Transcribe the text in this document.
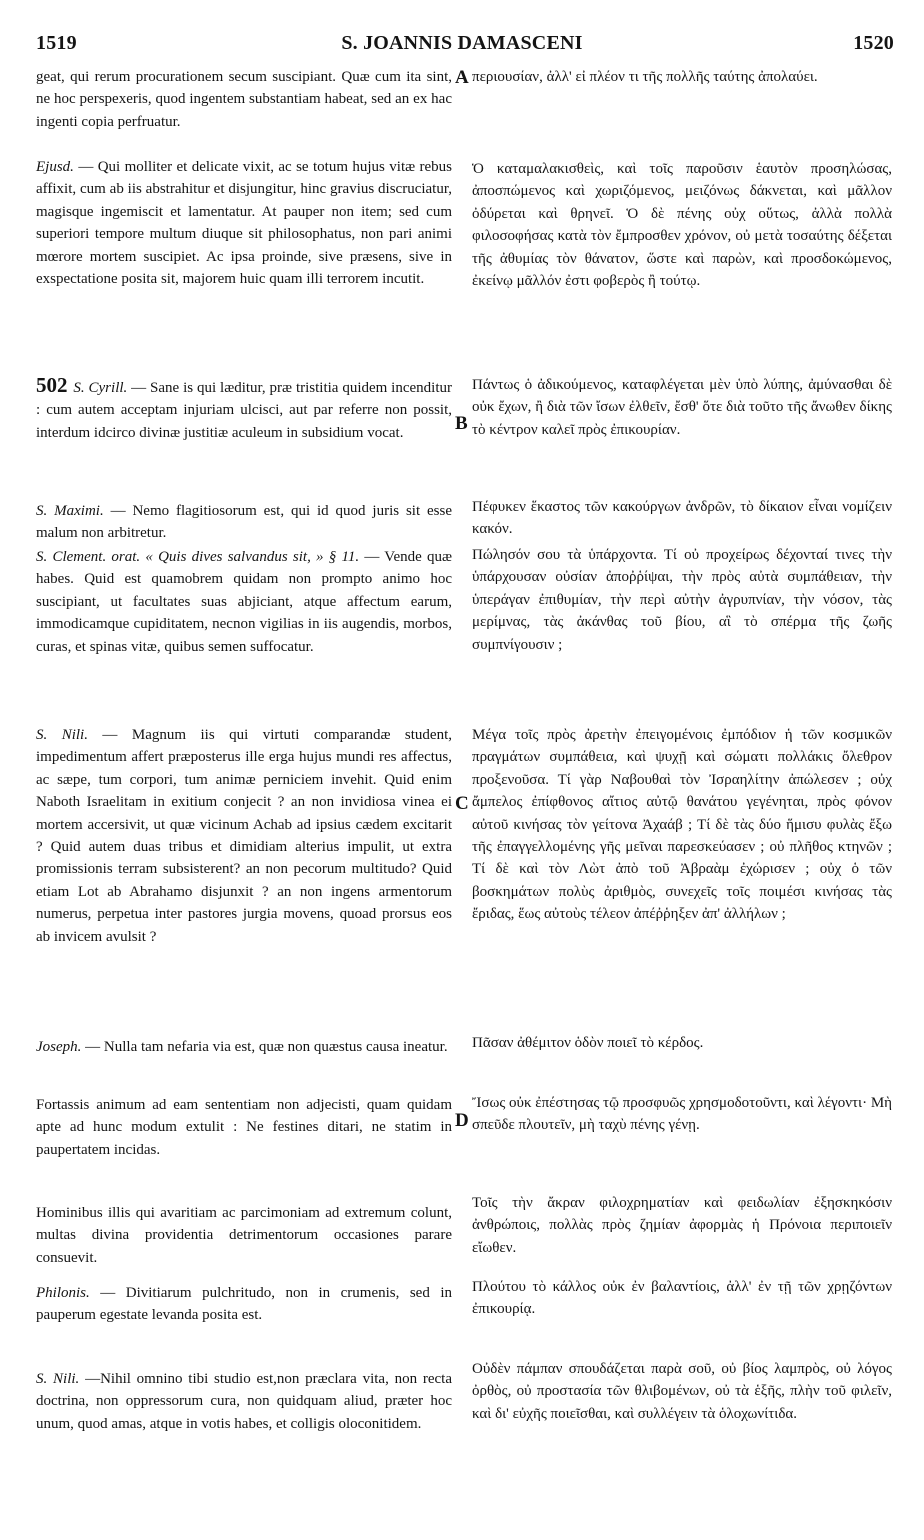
1519	S. JOANNIS DAMASCENI	1520
A
B
C
D

geat, qui rerum procurationem secum suscipiant. Quæ cum ita sint, ne hoc perspexeris, quod ingentem substantiam habeat, sed an ex hac ingenti copia perfruatur.

Ejusd. — Qui molliter et delicate vixit, ac se totum hujus vitæ rebus affixit, cum ab iis abstrahitur et disjungitur, hinc gravius discruciatur, magisque ingemiscit et lamentatur. At pauper non item; sed cum superiori tempore multum diuque sit philosophatus, non pari animi mœrore mortem suscipiet. Ac ipsa proinde, sive præsens, sive in exspectatione posita sit, majorem huic quam illi terrorem incutit.

502 S. Cyrill. — Sane is qui læditur, præ tristitia quidem incenditur : cum autem acceptam injuriam ulcisci, aut par referre non possit, interdum idcirco divinæ justitiæ aculeum in subsidium vocat.

S. Maximi. — Nemo flagitiosorum est, qui id quod juris sit esse malum non arbitretur.

S. Clement. orat. « Quis dives salvandus sit, » § 11. — Vende quæ habes. Quid est quamobrem quidam non prompto animo hoc suscipiant, ut facultates suas abjiciant, atque affectum earum, immodicamque cupiditatem, necnon vigilias in iis augendis, morbos, curas, et spinas vitæ, quibus semen suffocatur.

S. Nili. — Magnum iis qui virtuti comparandæ student, impedimentum affert præposterus ille erga hujus mundi res affectus, ac sæpe, tum corpori, tum animæ perniciem invehit. Quid enim Naboth Israelitam in exitium conjecit ? an non invidiosa vinea ei mortem accersivit, ut quæ vicinum Achab ad ipsius cædem excitarit ? Quid autem duas tribus et dimidiam alterius impulit, ut extra promissionis terram subsisterent? an non pecorum multitudo? Quid etiam Lot ab Abrahamo disjunxit ? an non ingens armentorum numerus, perpetua inter pastores jurgia movens, quoad prorsus eos ab invicem avulsit ?

Joseph. — Nulla tam nefaria via est, quæ non quæstus causa ineatur.

Fortassis animum ad eam sententiam non adjecisti, quam quidam apte ad hunc modum extulit : Ne festines ditari, ne statim in paupertatem incidas.

Hominibus illis qui avaritiam ac parcimoniam ad extremum colunt, multas divina providentia detrimentorum occasiones parare consuevit.

Philonis. — Divitiarum pulchritudo, non in crumenis, sed in pauperum egestate levanda posita est.

S. Nili. —Nihil omnino tibi studio est,non præclara vita, non recta doctrina, non oppressorum cura, non quidquam aliud, præter hoc unum, quod amas, atque in votis habes, et colligis oloconitidem.

περιουσίαν, ἀλλ' εἰ πλέον τι τῆς πολλῆς ταύτης ἀπολαύει.

Ὁ καταμαλακισθεὶς, καὶ τοῖς παροῦσιν ἑαυτὸν προσηλώσας, ἀποσπώμενος καὶ χωριζόμενος, μειζόνως δάκνεται, καὶ μᾶλλον ὀδύρεται καὶ θρηνεῖ. Ὁ δὲ πένης οὐχ οὕτως, ἀλλὰ πολλὰ φιλοσοφήσας κατὰ τὸν ἔμπροσθεν χρόνον, οὐ μετὰ τοσαύτης δέξεται τῆς ἀθυμίας τὸν θάνατον, ὥστε καὶ παρὼν, καὶ προσδοκώμενος, ἐκείνῳ μᾶλλόν ἐστι φοβερὸς ἢ τούτῳ.

Πάντως ὁ ἀδικούμενος, καταφλέγεται μὲν ὑπὸ λύπης, ἀμύνασθαι δὲ οὐκ ἔχων, ἢ διὰ τῶν ἴσων ἐλθεῖν, ἔσθ' ὅτε διὰ τοῦτο τῆς ἄνωθεν δίκης τὸ κέντρον καλεῖ πρὸς ἐπικουρίαν.

Πέφυκεν ἕκαστος τῶν κακούργων ἀνδρῶν, τὸ δίκαιον εἶναι νομίζειν κακόν.

Πώλησόν σου τὰ ὑπάρχοντα. Τί οὐ προχείρως δέχονταί τινες τὴν ὑπάρχουσαν οὐσίαν ἀποῤῥίψαι, τὴν πρὸς αὐτὰ συμπάθειαν, τὴν ὑπεράγαν ἐπιθυμίαν, τὴν περὶ αὐτὴν ἀγρυπνίαν, τὴν νόσον, τὰς μερίμνας, τὰς ἀκάνθας τοῦ βίου, αἳ τὸ σπέρμα τῆς ζωῆς συμπνίγουσιν ;

Μέγα τοῖς πρὸς ἀρετὴν ἐπειγομένοις ἐμπόδιον ἡ τῶν κοσμικῶν πραγμάτων συμπάθεια, καὶ ψυχῇ καὶ σώματι πολλάκις ὄλεθρον προξενοῦσα. Τί γὰρ Ναβουθαὶ τὸν Ἰσραηλίτην ἀπώλεσεν ; οὐχ ἄμπελος ἐπίφθονος αἴτιος αὐτῷ θανάτου γεγένηται, πρὸς φόνον αὐτοῦ κινήσας τὸν γείτονα Ἀχαάβ ; Τί δὲ τὰς δύο ἥμισυ φυλὰς ἔξω τῆς ἐπαγγελλομένης γῆς μεῖναι παρεσκεύασεν ; οὐ πλῆθος κτηνῶν ; Τί δὲ καὶ τὸν Λὼτ ἀπὸ τοῦ Ἀβραὰμ ἐχώρισεν ; οὐχ ὁ τῶν βοσκημάτων πολὺς ἀριθμὸς, συνεχεῖς τοῖς ποιμέσι κινήσας τὰς ἔριδας, ἕως αὐτοὺς τέλεον ἀπέῤῥηξεν ἀπ' ἀλλήλων ;

Πᾶσαν ἀθέμιτον ὁδὸν ποιεῖ τὸ κέρδος.

Ἴσως οὐκ ἐπέστησας τῷ προσφυῶς χρησμοδοτοῦντι, καὶ λέγοντι· Μὴ σπεῦδε πλουτεῖν, μὴ ταχὺ πένης γένῃ.

Τοῖς τὴν ἄκραν φιλοχρηματίαν καὶ φειδωλίαν ἐξησκηκόσιν ἀνθρώποις, πολλὰς πρὸς ζημίαν ἀφορμὰς ἡ Πρόνοια περιποιεῖν εἴωθεν.

Πλούτου τὸ κάλλος οὐκ ἐν βαλαντίοις, ἀλλ' ἐν τῇ τῶν χρῃζόντων ἐπικουρίᾳ.

Οὐδὲν πάμπαν σπουδάζεται παρὰ σοῦ, οὐ βίος λαμπρὸς, οὐ λόγος ὀρθὸς, οὐ προστασία τῶν θλιβομένων, οὐ τὰ ἑξῆς, πλὴν τοῦ φιλεῖν, καὶ δι' εὐχῆς ποιεῖσθαι, καὶ συλλέγειν τὰ ὁλοχωνίτιδα.
